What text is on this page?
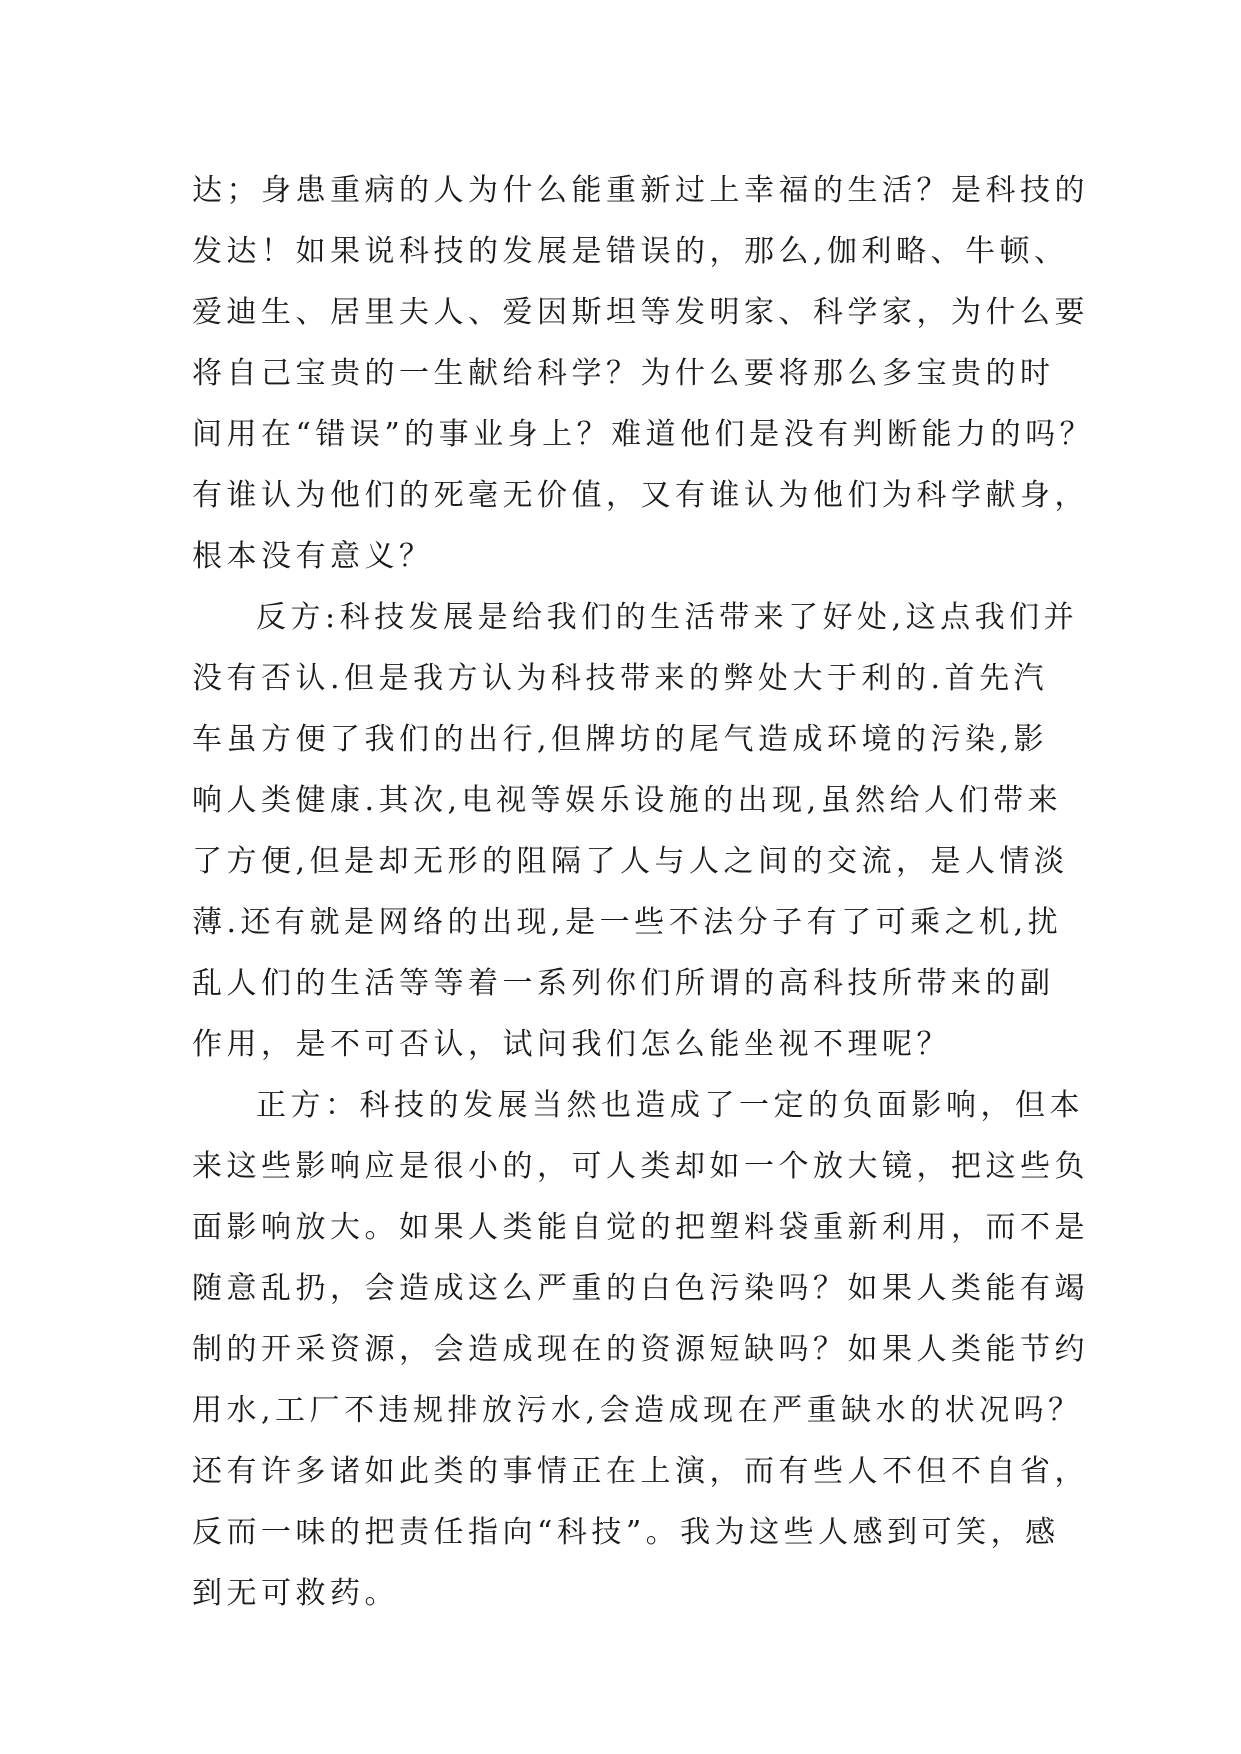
达；身患重病的人为什么能重新过上幸福的生活？是科技的
发达！如果说科技的发展是错误的，那么,伽利略、牛顿、
爱迪生、居里夫人、爱因斯坦等发明家、科学家，为什么要
将自己宝贵的一生献给科学？为什么要将那么多宝贵的时
间用在“错误”的事业身上？难道他们是没有判断能力的吗？
有谁认为他们的死毫无价值，又有谁认为他们为科学献身，
根本没有意义？
反方:科技发展是给我们的生活带来了好处,这点我们并
没有否认.但是我方认为科技带来的弊处大于利的.首先汽
车虽方便了我们的出行,但牌坊的尾气造成环境的污染,影
响人类健康.其次,电视等娱乐设施的出现,虽然给人们带来
了方便,但是却无形的阻隔了人与人之间的交流，是人情淡
薄.还有就是网络的出现,是一些不法分子有了可乘之机,扰
乱人们的生活等等着一系列你们所谓的高科技所带来的副
作用，是不可否认，试问我们怎么能坐视不理呢？
正方：科技的发展当然也造成了一定的负面影响，但本
来这些影响应是很小的，可人类却如一个放大镜，把这些负
面影响放大。如果人类能自觉的把塑料袋重新利用，而不是
随意乱扔，会造成这么严重的白色污染吗？如果人类能有竭
制的开采资源，会造成现在的资源短缺吗？如果人类能节约
用水,工厂不违规排放污水,会造成现在严重缺水的状况吗？
还有许多诸如此类的事情正在上演，而有些人不但不自省，
反而一味的把责任指向“科技”。我为这些人感到可笑，感
到无可救药。
